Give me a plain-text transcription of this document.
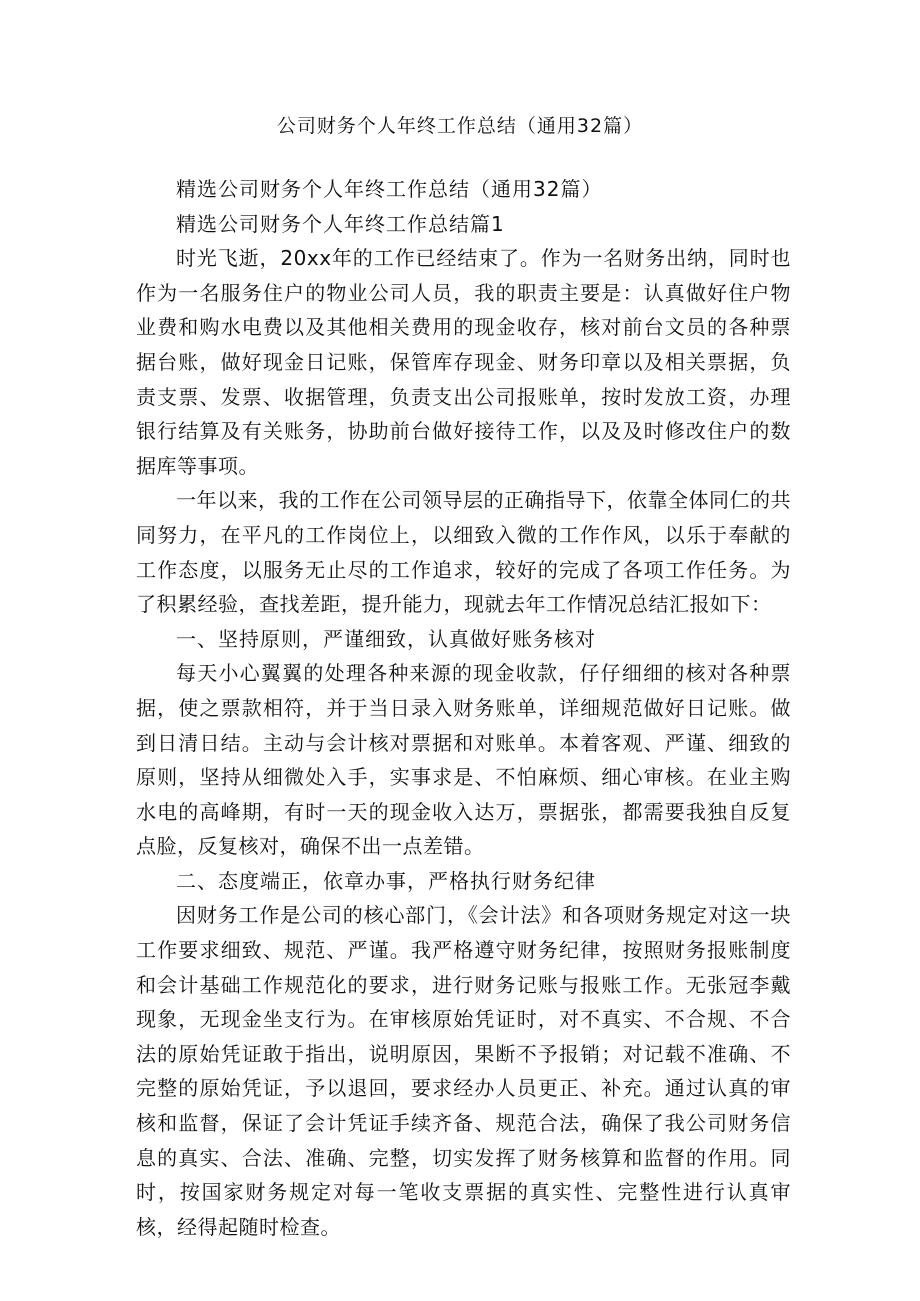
公司财务个人年终工作总结（通用32篇）

精选公司财务个人年终工作总结（通用32篇）

精选公司财务个人年终工作总结篇1

时光飞逝，20xx年的工作已经结束了。作为一名财务出纳，同时也作为一名服务住户的物业公司人员，我的职责主要是：认真做好住户物业费和购水电费以及其他相关费用的现金收存，核对前台文员的各种票据台账，做好现金日记账，保管库存现金、财务印章以及相关票据，负责支票、发票、收据管理，负责支出公司报账单，按时发放工资，办理银行结算及有关账务，协助前台做好接待工作，以及及时修改住户的数据库等事项。

一年以来，我的工作在公司领导层的正确指导下，依靠全体同仁的共同努力，在平凡的工作岗位上，以细致入微的工作作风，以乐于奉献的工作态度，以服务无止尽的工作追求，较好的完成了各项工作任务。为了积累经验，查找差距，提升能力，现就去年工作情况总结汇报如下：

一、坚持原则，严谨细致，认真做好账务核对

每天小心翼翼的处理各种来源的现金收款，仔仔细细的核对各种票据，使之票款相符，并于当日录入财务账单，详细规范做好日记账。做到日清日结。主动与会计核对票据和对账单。本着客观、严谨、细致的原则，坚持从细微处入手，实事求是、不怕麻烦、细心审核。在业主购水电的高峰期，有时一天的现金收入达万，票据张，都需要我独自反复点脸，反复核对，确保不出一点差错。

二、态度端正，依章办事，严格执行财务纪律

因财务工作是公司的核心部门，《会计法》和各项财务规定对这一块工作要求细致、规范、严谨。我严格遵守财务纪律，按照财务报账制度和会计基础工作规范化的要求，进行财务记账与报账工作。无张冠李戴现象，无现金坐支行为。在审核原始凭证时，对不真实、不合规、不合法的原始凭证敢于指出，说明原因，果断不予报销；对记载不准确、不完整的原始凭证，予以退回，要求经办人员更正、补充。通过认真的审核和监督，保证了会计凭证手续齐备、规范合法，确保了我公司财务信息的真实、合法、准确、完整，切实发挥了财务核算和监督的作用。同时，按国家财务规定对每一笔收支票据的真实性、完整性进行认真审核，经得起随时检查。
